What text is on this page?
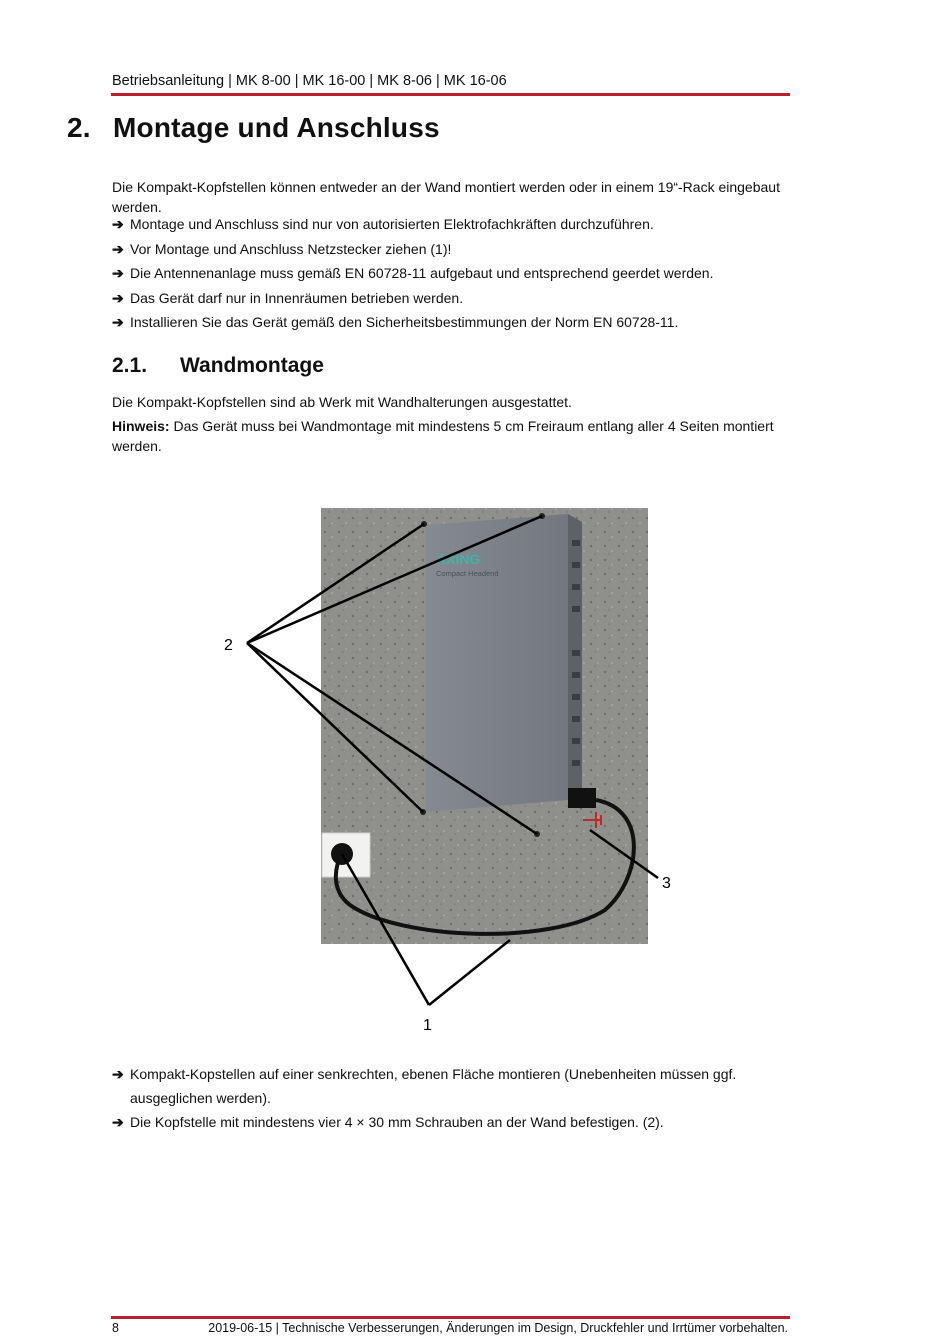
Betriebsanleitung | MK 8-00 | MK 16-00 | MK 8-06 | MK 16-06
2. Montage und Anschluss
Die Kompakt-Kopfstellen können entweder an der Wand montiert werden oder in einem 19“-Rack eingebaut werden.
➔ Montage und Anschluss sind nur von autorisierten Elektrofachkräften durchzuführen.
➔ Vor Montage und Anschluss Netzstecker ziehen (1)!
➔ Die Antennenanlage muss gemäß EN 60728-11 aufgebaut und entsprechend geerdet werden.
➔ Das Gerät darf nur in Innenräumen betrieben werden.
➔ Installieren Sie das Gerät gemäß den Sicherheitsbestimmungen der Norm EN 60728-11.
2.1. Wandmontage
Die Kompakt-Kopfstellen sind ab Werk mit Wandhalterungen ausgestattet.
Hinweis: Das Gerät muss bei Wandmontage mit mindestens 5 cm Freiraum entlang aller 4 Seiten montiert werden.
AXING
Compact Headend
2
3
1
➔ Kompakt-Kopstellen auf einer senkrechten, ebenen Fläche montieren (Unebenheiten müssen ggf.
ausgeglichen werden).
➔ Die Kopfstelle mit mindestens vier 4 × 30 mm Schrauben an der Wand befestigen. (2).
8	2019-06-15 | Technische Verbesserungen, Änderungen im Design, Druckfehler und Irrtümer vorbehalten.
